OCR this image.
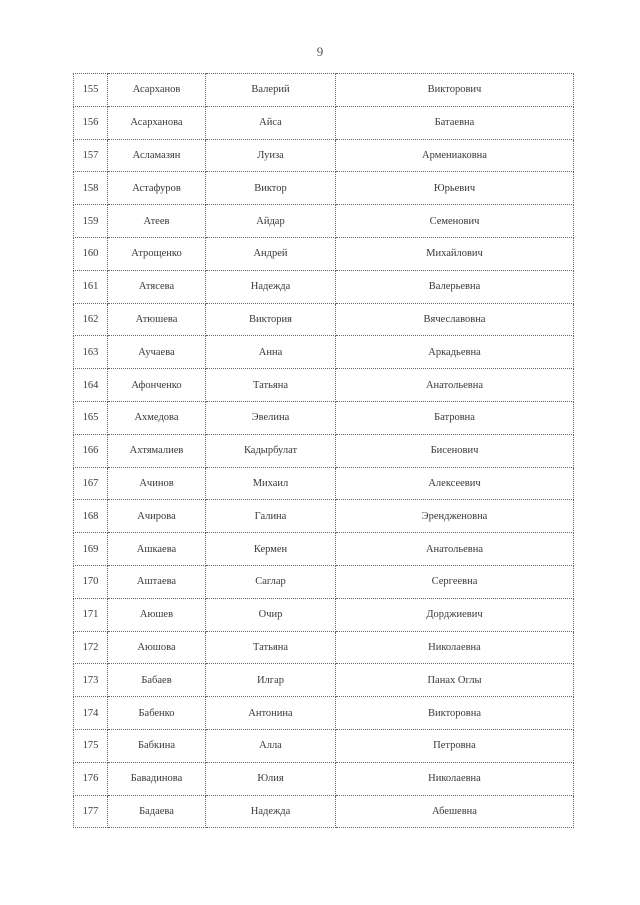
9
155	Асарханов	Валерий	Викторович
156	Асарханова	Айса	Батаевна
157	Асламазян	Луиза	Армениаковна
158	Астафуров	Виктор	Юрьевич
159	Атеев	Айдар	Семенович
160	Атрощенко	Андрей	Михайлович
161	Атясева	Надежда	Валерьевна
162	Атюшева	Виктория	Вячеславовна
163	Аучаева	Анна	Аркадьевна
164	Афонченко	Татьяна	Анатольевна
165	Ахмедова	Эвелина	Батровна
166	Ахтямалиев	Кадырбулат	Бисенович
167	Ачинов	Михаил	Алексеевич
168	Ачирова	Галина	Эрендженовна
169	Ашкаева	Кермен	Анатольевна
170	Аштаева	Саглар	Сергеевна
171	Аюшев	Очир	Дорджиевич
172	Аюшова	Татьяна	Николаевна
173	Бабаев	Илгар	Панах Оглы
174	Бабенко	Антонина	Викторовна
175	Бабкина	Алла	Петровна
176	Бавадинова	Юлия	Николаевна
177	Бадаева	Надежда	Абешевна
